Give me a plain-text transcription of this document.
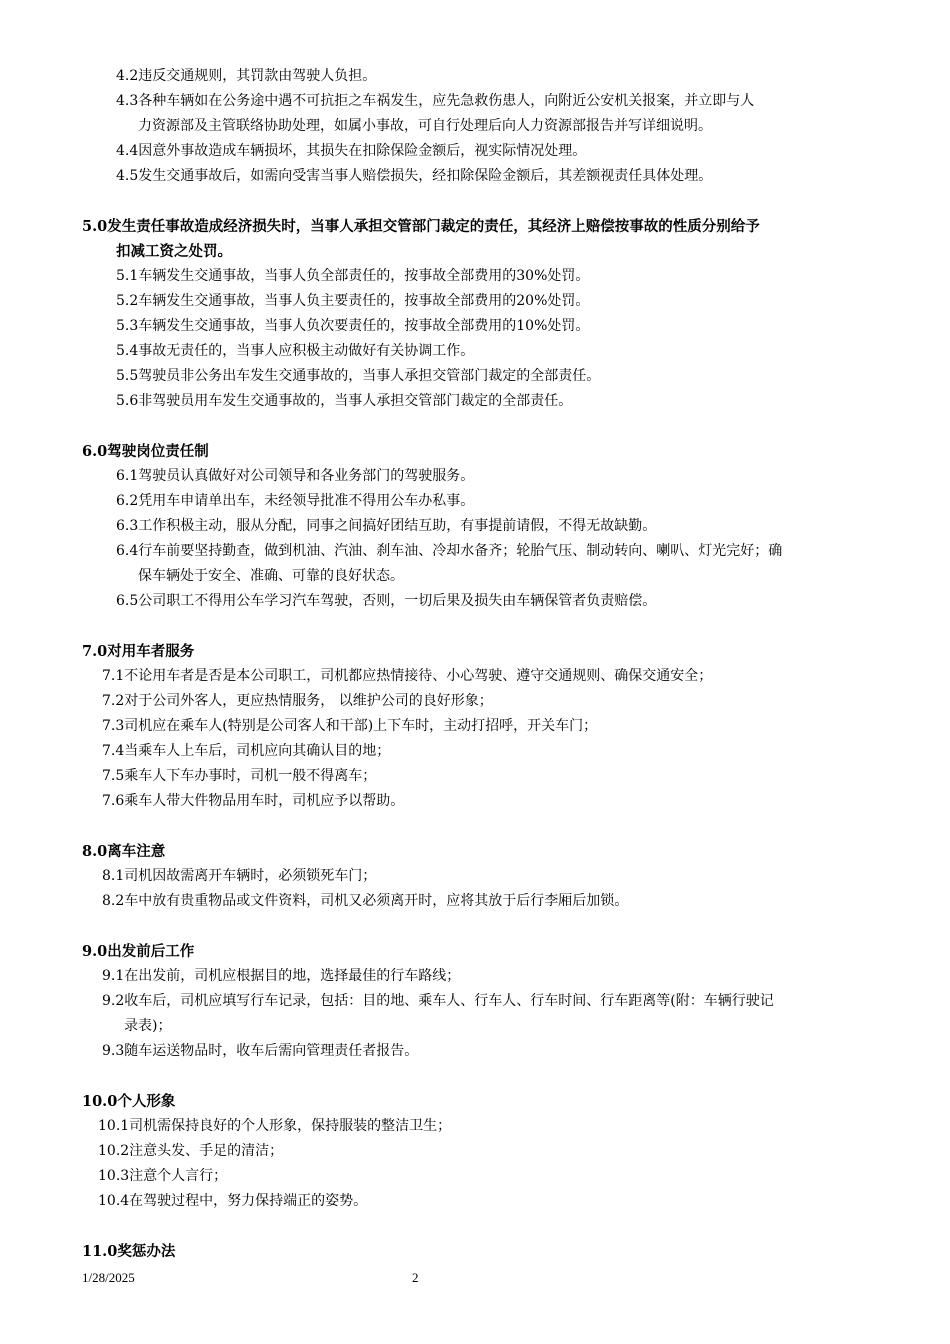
4.2违反交通规则，其罚款由驾驶人负担。
4.3各种车辆如在公务途中遇不可抗拒之车祸发生，应先急救伤患人，向附近公安机关报案，并立即与人
力资源部及主管联络协助处理，如属小事故，可自行处理后向人力资源部报告并写详细说明。
4.4因意外事故造成车辆损坏，其损失在扣除保险金额后，视实际情况处理。
4.5发生交通事故后，如需向受害当事人赔偿损失，经扣除保险金额后，其差额视责任具体处理。
5.0发生责任事故造成经济损失时，当事人承担交管部门裁定的责任，其经济上赔偿按事故的性质分别给予
扣减工资之处罚。
5.1车辆发生交通事故，当事人负全部责任的，按事故全部费用的30%处罚。
5.2车辆发生交通事故，当事人负主要责任的，按事故全部费用的20%处罚。
5.3车辆发生交通事故，当事人负次要责任的，按事故全部费用的10%处罚。
5.4事故无责任的，当事人应积极主动做好有关协调工作。
5.5驾驶员非公务出车发生交通事故的，当事人承担交管部门裁定的全部责任。
5.6非驾驶员用车发生交通事故的，当事人承担交管部门裁定的全部责任。
6.0驾驶岗位责任制
6.1驾驶员认真做好对公司领导和各业务部门的驾驶服务。
6.2凭用车申请单出车，未经领导批准不得用公车办私事。
6.3工作积极主动，服从分配，同事之间搞好团结互助，有事提前请假，不得无故缺勤。
6.4行车前要坚持勤查，做到机油、汽油、刹车油、冷却水备齐；轮胎气压、制动转向、喇叭、灯光完好；确
保车辆处于安全、准确、可靠的良好状态。
6.5公司职工不得用公车学习汽车驾驶，否则，一切后果及损失由车辆保管者负责赔偿。
7.0对用车者服务
7.1不论用车者是否是本公司职工，司机都应热情接待、小心驾驶、遵守交通规则、确保交通安全；
7.2对于公司外客人，更应热情服务， 以维护公司的良好形象；
7.3司机应在乘车人(特别是公司客人和干部)上下车时，主动打招呼，开关车门；
7.4当乘车人上车后，司机应向其确认目的地；
7.5乘车人下车办事时，司机一般不得离车；
7.6乘车人带大件物品用车时，司机应予以帮助。
8.0离车注意
8.1司机因故需离开车辆时，必须锁死车门；
8.2车中放有贵重物品或文件资料，司机又必须离开时，应将其放于后行李厢后加锁。
9.0出发前后工作
9.1在出发前，司机应根据目的地，选择最佳的行车路线；
9.2收车后，司机应填写行车记录，包括：目的地、乘车人、行车人、行车时间、行车距离等(附：车辆行驶记
录表)；
9.3随车运送物品时，收车后需向管理责任者报告。
10.0个人形象
10.1司机需保持良好的个人形象，保持服装的整洁卫生；
10.2注意头发、手足的清洁；
10.3注意个人言行；
10.4在驾驶过程中，努力保持端正的姿势。
11.0奖惩办法
1/28/2025	2
